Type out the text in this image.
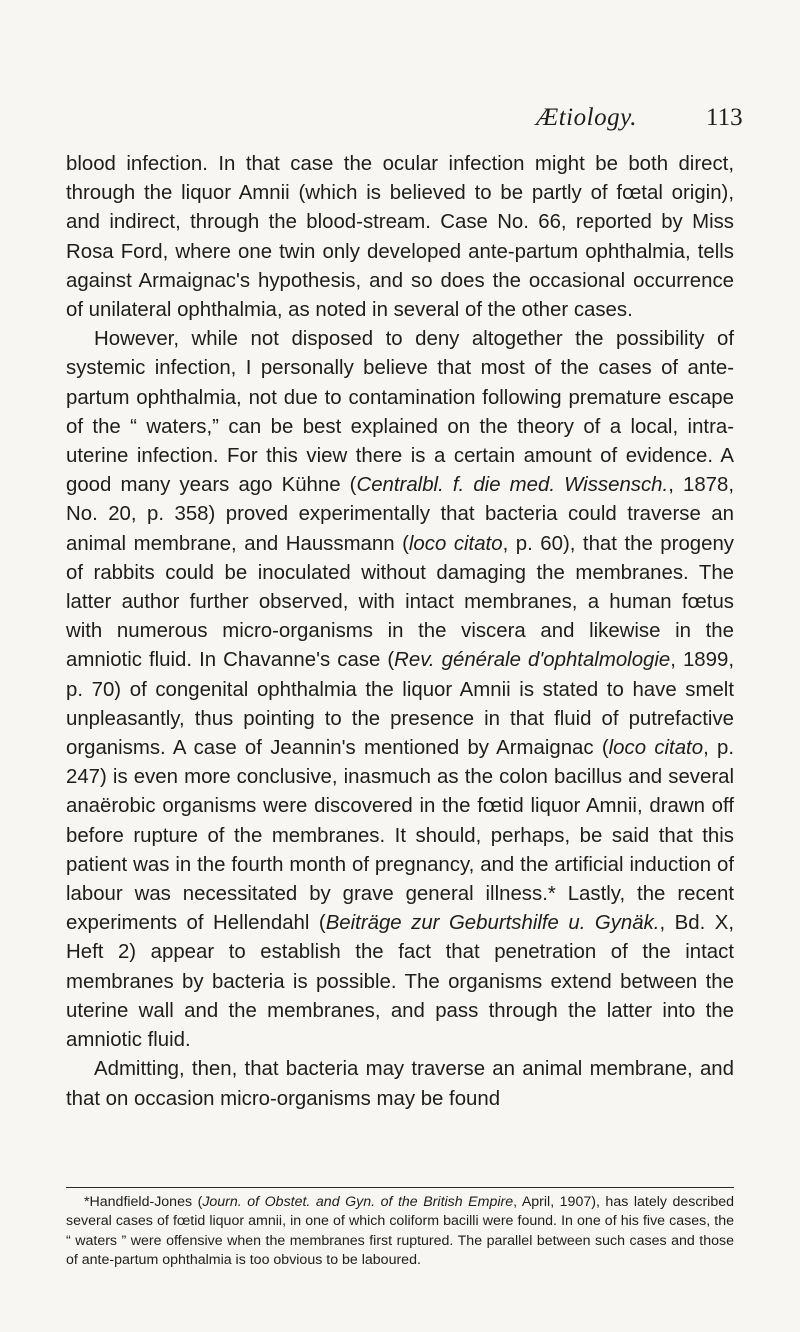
Ætiology.	113

blood infection. In that case the ocular infection might be both direct, through the liquor Amnii (which is believed to be partly of fœtal origin), and indirect, through the blood-stream. Case No. 66, reported by Miss Rosa Ford, where one twin only developed ante-partum ophthalmia, tells against Armaignac's hypothesis, and so does the occasional occurrence of unilateral ophthalmia, as noted in several of the other cases.

However, while not disposed to deny altogether the possibility of systemic infection, I personally believe that most of the cases of ante-partum ophthalmia, not due to contamination following premature escape of the “ waters,” can be best explained on the theory of a local, intra-uterine infection. For this view there is a certain amount of evidence. A good many years ago Kühne (Centralbl. f. die med. Wissensch., 1878, No. 20, p. 358) proved experimentally that bacteria could traverse an animal membrane, and Haussmann (loco citato, p. 60), that the progeny of rabbits could be inoculated without damaging the membranes. The latter author further observed, with intact membranes, a human fœtus with numerous micro-organisms in the viscera and likewise in the amniotic fluid. In Chavanne's case (Rev. générale d'ophtalmologie, 1899, p. 70) of congenital ophthalmia the liquor Amnii is stated to have smelt unpleasantly, thus pointing to the presence in that fluid of putrefactive organisms. A case of Jeannin's mentioned by Armaignac (loco citato, p. 247) is even more conclusive, inasmuch as the colon bacillus and several anaërobic organisms were discovered in the fœtid liquor Amnii, drawn off before rupture of the membranes. It should, perhaps, be said that this patient was in the fourth month of pregnancy, and the artificial induction of labour was necessitated by grave general illness.* Lastly, the recent experiments of Hellendahl (Beiträge zur Geburtshilfe u. Gynäk., Bd. X, Heft 2) appear to establish the fact that penetration of the intact membranes by bacteria is possible. The organisms extend between the uterine wall and the membranes, and pass through the latter into the amniotic fluid.

Admitting, then, that bacteria may traverse an animal membrane, and that on occasion micro-organisms may be found

*Handfield-Jones (Journ. of Obstet. and Gyn. of the British Empire, April, 1907), has lately described several cases of fœtid liquor amnii, in one of which coliform bacilli were found. In one of his five cases, the “ waters ” were offensive when the membranes first ruptured. The parallel between such cases and those of ante-partum ophthalmia is too obvious to be laboured.
